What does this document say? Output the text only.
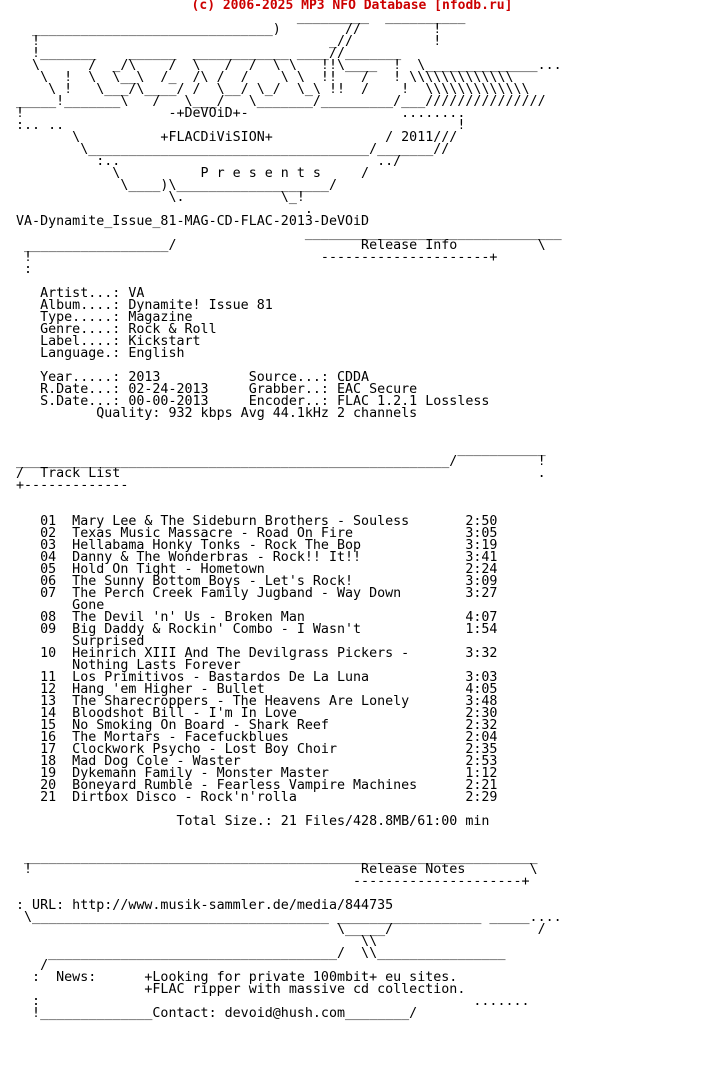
(c) 2006-2025 MP3 NFO Database [nfodb.ru]
_________  __________
______________________________)        //         !
!                                    _//          !
!_______    ______  ____________ ____//_______
\      /  _/\    /  \   /  /  \ \   !!\____  !  \______________...
\  !  \  \__\  /_  /\ /  /    \ \  !!   /   ! \\\\\\\\\\\\\
\ !   \___/\____/ /  \__/ \_/  \_\ !!  /    !  \\\\\\\\\\\\\
_____!_______\   /   \___/   \_______/_________/___///////////////
!                  -+DeVOiD+-                   ........
:.. ..                                                 !
\          +FLACDiViSION+              / 2011///
\___________________________________/_______//
:..                                ../
\          P r e s e n t s     /
\____)\___________________/
\.            \_!
.
VA-Dynamite_Issue_81-MAG-CD-FLAC-2013-DeVOiD
________________________________
__________________/                       Release Info          \
!                                    ---------------------+
:
Artist...: VA
Album....: Dynamite! Issue 81
Type.....: Magazine
Genre....: Rock & Roll
Label....: Kickstart
Language.: English
Year.....: 2013           Source...: CDDA
R.Date...: 02-24-2013     Grabber..: EAC Secure
S.Date...: 00-00-2013     Encoder..: FLAC 1.2.1 Lossless
Quality: 932 kbps Avg 44.1kHz 2 channels
___________
______________________________________________________/          !
/  Track List                                                    .
+-------------
01  Mary Lee & The Sideburn Brothers - Souless       2:50
02  Texas Music Massacre - Road On Fire              3:05
03  Hellabama Honky Tonks - Rock The Bop             3:19
04  Danny & The Wonderbras - Rock!! It!!             3:41
05  Hold On Tight - Hometown                         2:24
06  The Sunny Bottom Boys - Let's Rock!              3:09
07  The Perch Creek Family Jugband - Way Down        3:27
Gone
08  The Devil 'n' Us - Broken Man                    4:07
09  Big Daddy & Rockin' Combo - I Wasn't             1:54
Surprised
10  Heinrich XIII And The Devilgrass Pickers -       3:32
Nothing Lasts Forever
11  Los Primitivos - Bastardos De La Luna            3:03
12  Hang 'em Higher - Bullet                         4:05
13  The Sharecroppers - The Heavens Are Lonely       3:48
14  Bloodshot Bill - I'm In Love                     2:30
15  No Smoking On Board - Shark Reef                 2:32
16  The Mortars - Facefuckblues                      2:04
17  Clockwork Psycho - Lost Boy Choir                2:35
18  Mad Dog Cole - Waster                            2:53
19  Dykemann Family - Monster Master                 1:12
20  Boneyard Rumble - Fearless Vampire Machines      2:21
21  Dirtbox Disco - Rock'n'rolla                     2:29
Total Size.: 21 Files/428.8MB/61:00 min
________________________________________________________________
!                                         Release Notes        \
---------------------+
: URL: http://www.musik-sammler.de/media/844735
\_____________________________________ __________________ _____....
\_____/                  /
\\
____________________________________/  \\________________
/
:  News:      +Looking for private 100mbit+ eu sites.
+FLAC ripper with massive cd collection.
:                                                      .......
!______________Contact: devoid@hush.com________/
